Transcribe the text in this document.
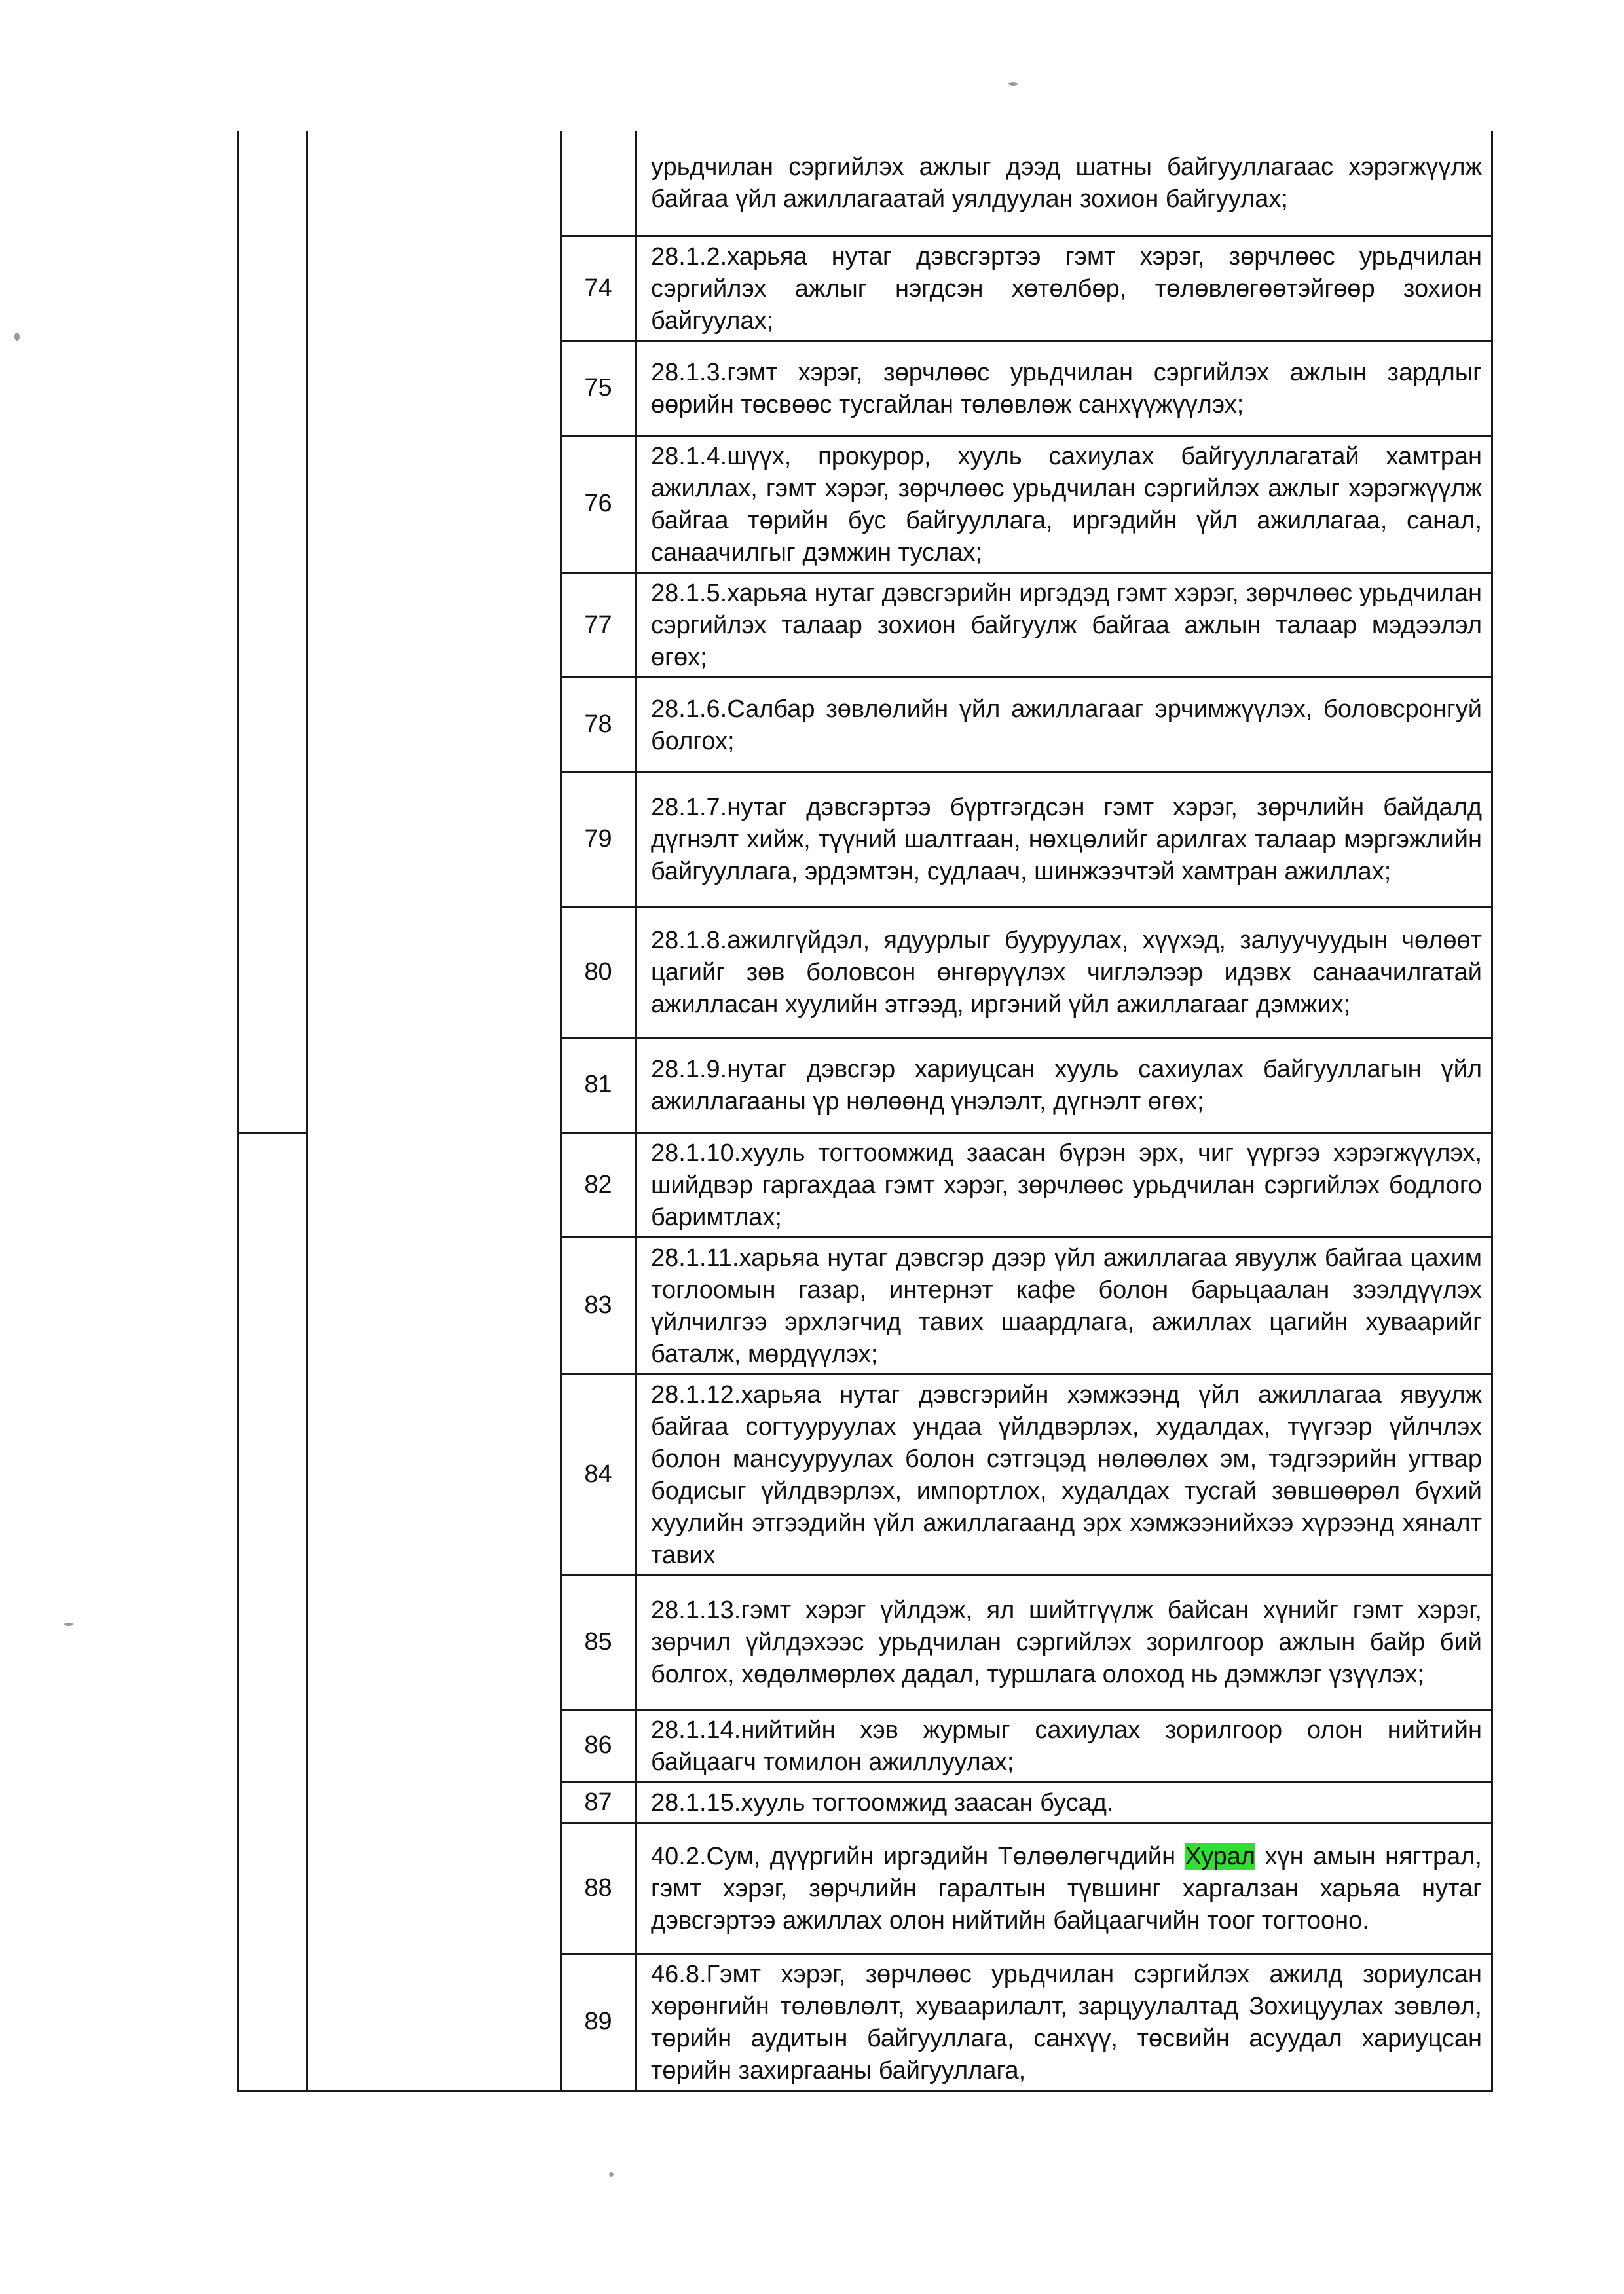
			урьдчилан сэргийлэх ажлыг дээд шатны байгууллагаас хэрэгжүүлж байгаа үйл ажиллагаатай уялдуулан зохион байгуулах;
		74	28.1.2.харьяа нутаг дэвсгэртээ гэмт хэрэг, зөрчлөөс урьдчилан сэргийлэх ажлыг нэгдсэн хөтөлбөр, төлөвлөгөөтэйгөөр зохион байгуулах;
		75	28.1.3.гэмт хэрэг, зөрчлөөс урьдчилан сэргийлэх ажлын зардлыг өөрийн төсвөөс тусгайлан төлөвлөж санхүүжүүлэх;
		76	28.1.4.шүүх, прокурор, хууль сахиулах байгууллагатай хамтран ажиллах, гэмт хэрэг, зөрчлөөс урьдчилан сэргийлэх ажлыг хэрэгжүүлж байгаа төрийн бус байгууллага, иргэдийн үйл ажиллагаа, санал, санаачилгыг дэмжин туслах;
		77	28.1.5.харьяа нутаг дэвсгэрийн иргэдэд гэмт хэрэг, зөрчлөөс урьдчилан сэргийлэх талаар зохион байгуулж байгаа ажлын талаар мэдээлэл өгөх;
		78	28.1.6.Салбар зөвлөлийн үйл ажиллагааг эрчимжүүлэх, боловсронгуй болгох;
		79	28.1.7.нутаг дэвсгэртээ бүртгэгдсэн гэмт хэрэг, зөрчлийн байдалд дүгнэлт хийж, түүний шалтгаан, нөхцөлийг арилгах талаар мэргэжлийн байгууллага, эрдэмтэн, судлаач, шинжээчтэй хамтран ажиллах;
		80	28.1.8.ажилгүйдэл, ядуурлыг бууруулах, хүүхэд, залуучуудын чөлөөт цагийг зөв боловсон өнгөрүүлэх чиглэлээр идэвх санаачилгатай ажилласан хуулийн этгээд, иргэний үйл ажиллагааг дэмжих;
		81	28.1.9.нутаг дэвсгэр хариуцсан хууль сахиулах байгууллагын үйл ажиллагааны үр нөлөөнд үнэлэлт, дүгнэлт өгөх;
		82	28.1.10.хууль тогтоомжид заасан бүрэн эрх, чиг үүргээ хэрэгжүүлэх, шийдвэр гаргахдаа гэмт хэрэг, зөрчлөөс урьдчилан сэргийлэх бодлого баримтлах;
		83	28.1.11.харьяа нутаг дэвсгэр дээр үйл ажиллагаа явуулж байгаа цахим тоглоомын газар, интернэт кафе болон барьцаалан зээлдүүлэх үйлчилгээ эрхлэгчид тавих шаардлага, ажиллах цагийн хуваарийг баталж, мөрдүүлэх;
		84	28.1.12.харьяа нутаг дэвсгэрийн хэмжээнд үйл ажиллагаа явуулж байгаа согтууруулах ундаа үйлдвэрлэх, худалдах, түүгээр үйлчлэх болон мансууруулах болон сэтгэцэд нөлөөлөх эм, тэдгээрийн угтвар бодисыг үйлдвэрлэх, импортлох, худалдах тусгай зөвшөөрөл бүхий хуулийн этгээдийн үйл ажиллагаанд эрх хэмжээнийхээ хүрээнд хяналт тавих
		85	28.1.13.гэмт хэрэг үйлдэж, ял шийтгүүлж байсан хүнийг гэмт хэрэг, зөрчил үйлдэхээс урьдчилан сэргийлэх зорилгоор ажлын байр бий болгох, хөдөлмөрлөх дадал, туршлага олоход нь дэмжлэг үзүүлэх;
		86	28.1.14.нийтийн хэв журмыг сахиулах зорилгоор олон нийтийн байцаагч томилон ажиллуулах;
		87	28.1.15.хууль тогтоомжид заасан бусад.
		88	40.2.Сум, дүүргийн иргэдийн Төлөөлөгчдийн Хурал хүн амын нягтрал, гэмт хэрэг, зөрчлийн гаралтын түвшинг харгалзан харьяа нутаг дэвсгэртээ ажиллах олон нийтийн байцаагчийн тоог тогтооно.
		89	46.8.Гэмт хэрэг, зөрчлөөс урьдчилан сэргийлэх ажилд зориулсан хөрөнгийн төлөвлөлт, хуваарилалт, зарцуулалтад Зохицуулах зөвлөл, төрийн аудитын байгууллага, санхүү, төсвийн асуудал хариуцсан төрийн захиргааны байгууллага,
